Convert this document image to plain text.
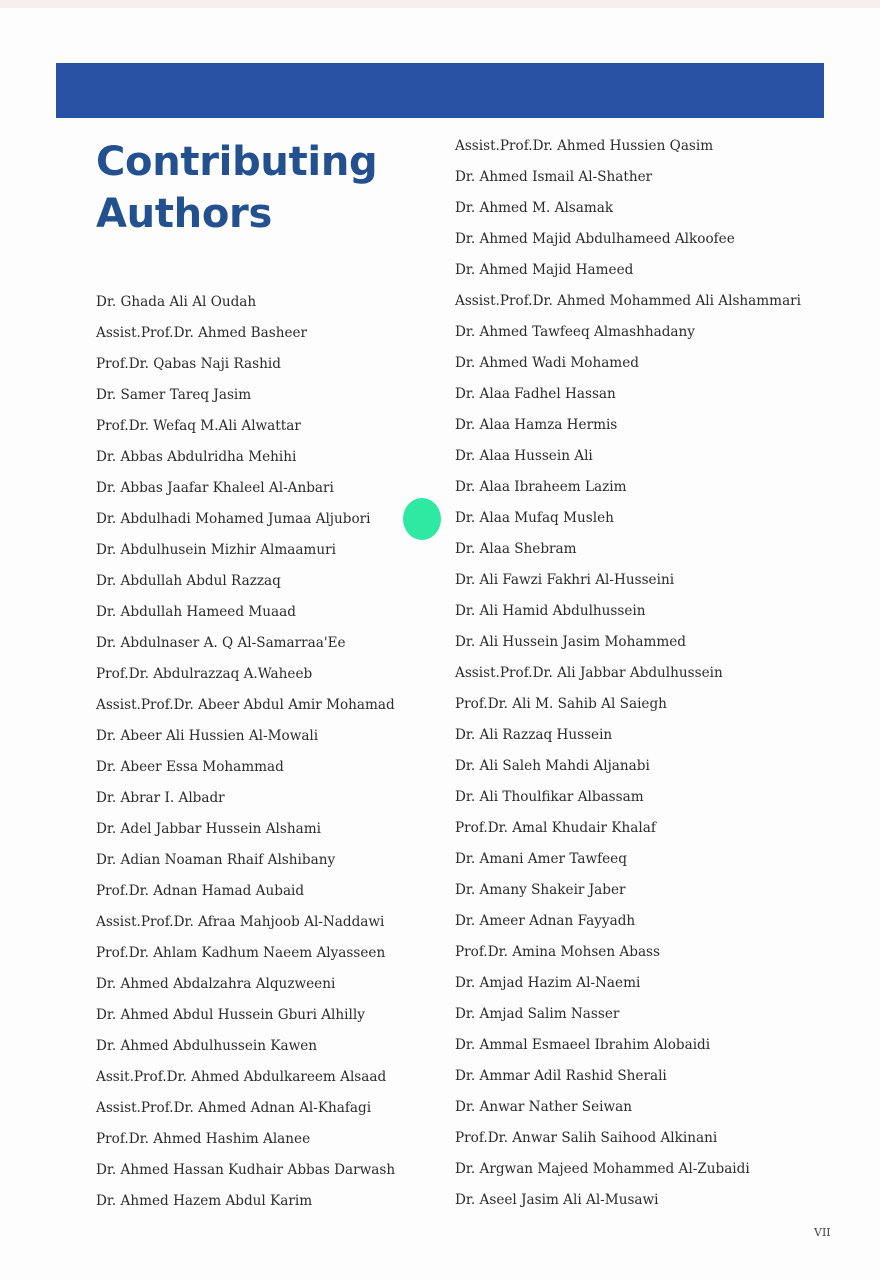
Contributing
Authors
Dr. Ghada Ali Al Oudah
Assist.Prof.Dr. Ahmed Basheer
Prof.Dr. Qabas Naji Rashid
Dr. Samer Tareq Jasim
Prof.Dr. Wefaq M.Ali Alwattar
Dr. Abbas Abdulridha Mehihi
Dr. Abbas Jaafar Khaleel Al-Anbari
Dr. Abdulhadi Mohamed Jumaa Aljubori
Dr. Abdulhusein Mizhir Almaamuri
Dr. Abdullah Abdul Razzaq
Dr. Abdullah Hameed Muaad
Dr. Abdulnaser A. Q Al-Samarraa'Ee
Prof.Dr. Abdulrazzaq A.Waheeb
Assist.Prof.Dr. Abeer Abdul Amir Mohamad
Dr. Abeer Ali Hussien Al-Mowali
Dr. Abeer Essa Mohammad
Dr. Abrar I. Albadr
Dr. Adel Jabbar Hussein Alshami
Dr. Adian Noaman Rhaif Alshibany
Prof.Dr. Adnan Hamad Aubaid
Assist.Prof.Dr. Afraa Mahjoob Al-Naddawi
Prof.Dr. Ahlam Kadhum Naeem Alyasseen
Dr. Ahmed Abdalzahra Alquzweeni
Dr. Ahmed Abdul Hussein Gburi Alhilly
Dr. Ahmed Abdulhussein Kawen
Assit.Prof.Dr. Ahmed Abdulkareem Alsaad
Assist.Prof.Dr. Ahmed Adnan Al-Khafagi
Prof.Dr. Ahmed Hashim Alanee
Dr. Ahmed Hassan Kudhair Abbas Darwash
Dr. Ahmed Hazem Abdul Karim
Assist.Prof.Dr. Ahmed Hussien Qasim
Dr. Ahmed Ismail Al-Shather
Dr. Ahmed M. Alsamak
Dr. Ahmed Majid Abdulhameed Alkoofee
Dr. Ahmed Majid Hameed
Assist.Prof.Dr. Ahmed Mohammed Ali Alshammari
Dr. Ahmed Tawfeeq Almashhadany
Dr. Ahmed Wadi Mohamed
Dr. Alaa Fadhel Hassan
Dr. Alaa Hamza Hermis
Dr. Alaa Hussein Ali
Dr. Alaa Ibraheem Lazim
Dr. Alaa Mufaq Musleh
Dr. Alaa Shebram
Dr. Ali Fawzi Fakhri Al-Husseini
Dr. Ali Hamid Abdulhussein
Dr. Ali Hussein Jasim Mohammed
Assist.Prof.Dr. Ali Jabbar Abdulhussein
Prof.Dr. Ali M. Sahib Al Saiegh
Dr. Ali Razzaq Hussein
Dr. Ali Saleh Mahdi Aljanabi
Dr. Ali Thoulfikar Albassam
Prof.Dr. Amal Khudair Khalaf
Dr. Amani Amer Tawfeeq
Dr. Amany Shakeir Jaber
Dr. Ameer Adnan Fayyadh
Prof.Dr. Amina Mohsen Abass
Dr. Amjad Hazim Al-Naemi
Dr. Amjad Salim Nasser
Dr. Ammal Esmaeel Ibrahim Alobaidi
Dr. Ammar Adil Rashid Sherali
Dr. Anwar Nather Seiwan
Prof.Dr. Anwar Salih Saihood Alkinani
Dr. Argwan Majeed Mohammed Al-Zubaidi
Dr. Aseel Jasim Ali Al-Musawi
VII
